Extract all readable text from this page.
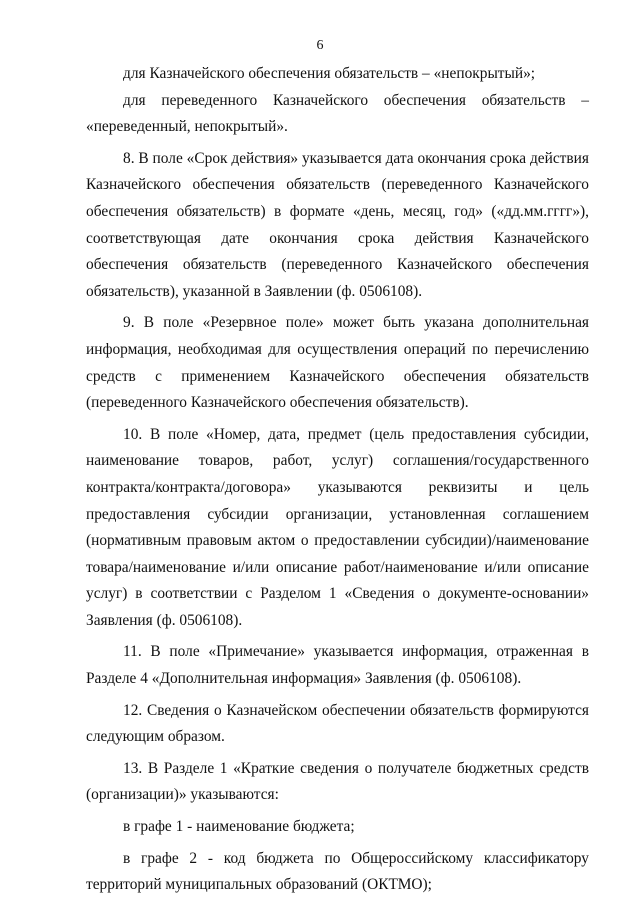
6

для Казначейского обеспечения обязательств – «непокрытый»;

для переведенного Казначейского обеспечения обязательств – «переведенный, непокрытый».

8. В поле «Срок действия» указывается дата окончания срока действия Казначейского обеспечения обязательств (переведенного Казначейского обеспечения обязательств) в формате «день, месяц, год» («дд.мм.гггг»), соответствующая дате окончания срока действия Казначейского обеспечения обязательств (переведенного Казначейского обеспечения обязательств), указанной в Заявлении (ф. 0506108).

9. В поле «Резервное поле» может быть указана дополнительная информация, необходимая для осуществления операций по перечислению средств с применением Казначейского обеспечения обязательств (переведенного Казначейского обеспечения обязательств).

10. В поле «Номер, дата, предмет (цель предоставления субсидии, наименование товаров, работ, услуг) соглашения/государственного контракта/контракта/договора» указываются реквизиты и цель предоставления субсидии организации, установленная соглашением (нормативным правовым актом о предоставлении субсидии)/наименование товара/наименование и/или описание работ/наименование и/или описание услуг) в соответствии с Разделом 1 «Сведения о документе-основании» Заявления (ф. 0506108).

11. В поле «Примечание» указывается информация, отраженная в Разделе 4 «Дополнительная информация» Заявления (ф. 0506108).

12. Сведения о Казначейском обеспечении обязательств формируются следующим образом.

13. В Разделе 1 «Краткие сведения о получателе бюджетных средств (организации)» указываются:

в графе 1 - наименование бюджета;

в графе 2 - код бюджета по Общероссийскому классификатору территорий муниципальных образований (ОКТМО);
